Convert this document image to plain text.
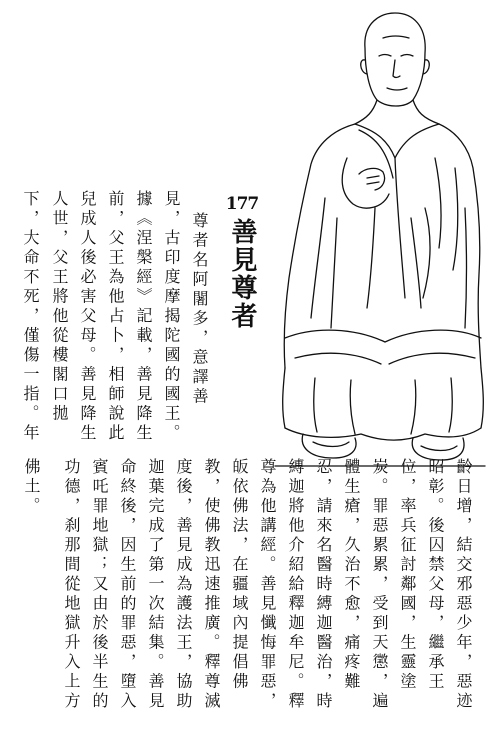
177
善見尊者
尊者名阿闍多，意譯善
見，古印度摩揭陀國的國王。
據《涅槃經》記載，善見降生
前，父王為他占卜，相師說此
兒成人後必害父母。善見降生
人世，父王將他從樓閣口拋
下，大命不死，僅傷一指。年
齡日增，結交邪惡少年，惡迹
昭彰。後囚禁父母，繼承王
位，率兵征討鄰國，生靈塗
炭。罪惡累累，受到天懲，遍
體生瘡，久治不愈，痛疼難
忍，請來名醫時縛迦醫治，時
縛迦將他介紹給釋迦牟尼。釋
尊為他講經。善見懺悔罪惡，
皈依佛法，在疆域內提倡佛
教，使佛教迅速推廣。釋尊滅
度後，善見成為護法王，協助
迦葉完成了第一次結集。善見
命終後，因生前的罪惡，墮入
賓吒罪地獄；又由於後半生的
功德，刹那間從地獄升入上方
佛土。
